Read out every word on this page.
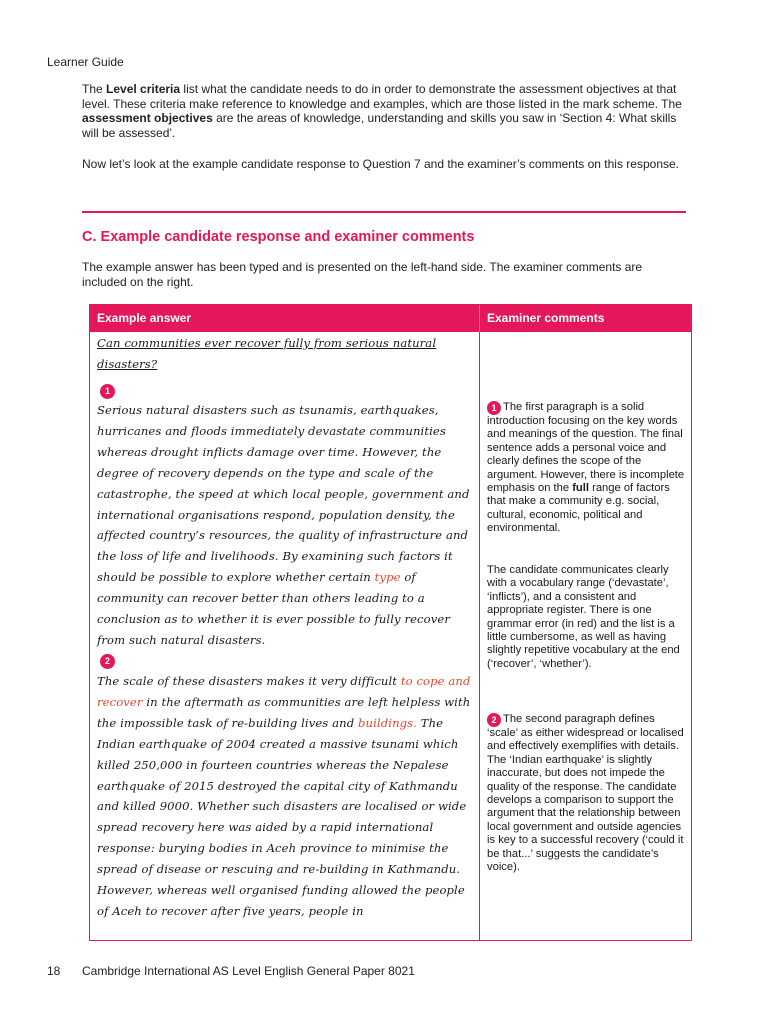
Learner Guide

The Level criteria list what the candidate needs to do in order to demonstrate the assessment objectives at that level. These criteria make reference to knowledge and examples, which are those listed in the mark scheme. The assessment objectives are the areas of knowledge, understanding and skills you saw in ‘Section 4: What skills will be assessed’.

Now let’s look at the example candidate response to Question 7 and the examiner’s comments on this response.

C. Example candidate response and examiner comments

The example answer has been typed and is presented on the left-hand side. The examiner comments are included on the right.

Example answer	Examiner comments
Can communities ever recover fully from serious natural disasters?
1
Serious natural disasters such as tsunamis, earthquakes, hurricanes and floods immediately devastate communities whereas drought inflicts damage over time. However, the degree of recovery depends on the type and scale of the catastrophe, the speed at which local people, government and international organisations respond, population density, the affected country’s resources, the quality of infrastructure and the loss of life and livelihoods. By examining such factors it should be possible to explore whether certain type of community can recover better than others leading to a conclusion as to whether it is ever possible to fully recover from such natural disasters.
2
The scale of these disasters makes it very difficult to cope and recover in the aftermath as communities are left helpless with the impossible task of re-building lives and buildings. The Indian earthquake of 2004 created a massive tsunami which killed 250,000 in fourteen countries whereas the Nepalese earthquake of 2015 destroyed the capital city of Kathmandu and killed 9000. Whether such disasters are localised or wide spread recovery here was aided by a rapid international response: burying bodies in Aceh province to minimise the spread of disease or rescuing and re-building in Kathmandu. However, whereas well organised funding allowed the people of Aceh to recover after five years, people in

1 The first paragraph is a solid introduction focusing on the key words and meanings of the question. The final sentence adds a personal voice and clearly defines the scope of the argument. However, there is incomplete emphasis on the full range of factors that make a community e.g. social, cultural, economic, political and environmental.

The candidate communicates clearly with a vocabulary range (‘devastate’, ‘inflicts’), and a consistent and appropriate register. There is one grammar error (in red) and the list is a little cumbersome, as well as having slightly repetitive vocabulary at the end (‘recover’, ‘whether’).

2 The second paragraph defines ‘scale’ as either widespread or localised and effectively exemplifies with details. The ‘Indian earthquake’ is slightly inaccurate, but does not impede the quality of the response. The candidate develops a comparison to support the argument that the relationship between local government and outside agencies is key to a successful recovery (‘could it be that...’ suggests the candidate’s voice).

18 Cambridge International AS Level English General Paper 8021
